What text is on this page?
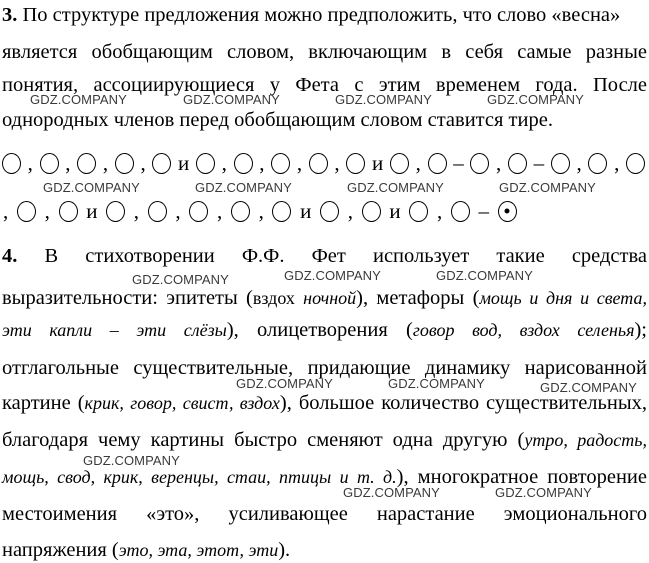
3. По структуре предложения можно предположить, что слово «весна»
является обобщающим словом, включающим в себя самые разные
понятия, ассоциирующиеся у Фета с этим временем года. После
однородных членов перед обобщающим словом ставится тире.
, , , , и , , , , и , – , – , ,
, , и , , , , и , и , –
4. В стихотворении Ф.Ф. Фет использует такие средства
выразительности: эпитеты (вздох ночной), метафоры (мощь и дня и света,
эти капли – эти слёзы), олицетворения (говор вод, вздох селенья);
отглагольные существительные, придающие динамику нарисованной
картине (крик, говор, свист, вздох), большое количество существительных,
благодаря чему картины быстро сменяют одна другую (утро, радость,
мощь, свод, крик, веренцы, стаи, птицы и т. д.), многократное повторение
местоимения «это», усиливающее нарастание эмоционального
напряжения (это, эта, этот, эти).
GDZ.COMPANY	GDZ.COMPANY	GDZ.COMPANY	GDZ.COMPANY
GDZ.COMPANY	GDZ.COMPANY	GDZ.COMPANY	GDZ.COMPANY
GDZ.COMPANY	GDZ.COMPANY	GDZ.COMPANY
GDZ.COMPANY	GDZ.COMPANY	GDZ.COMPANY
GDZ.COMPANY
GDZ.COMPANY	GDZ.COMPANY
